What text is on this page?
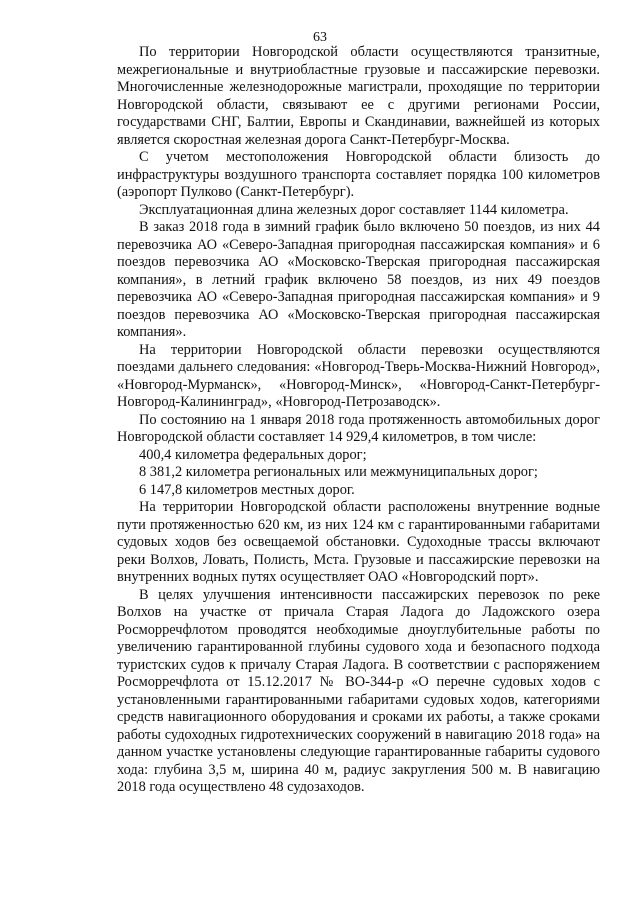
63

По территории Новгородской области осуществляются транзитные, межрегиональные и внутриобластные грузовые и пассажирские перевозки. Многочисленные железнодорожные магистрали, проходящие по территории Новгородской области, связывают ее с другими регионами России, государствами СНГ, Балтии, Европы и Скандинавии, важнейшей из которых является скоростная железная дорога Санкт-Петербург-Москва.

С учетом местоположения Новгородской области близость до инфраструктуры воздушного транспорта составляет порядка 100 километров (аэропорт Пулково (Санкт-Петербург).

Эксплуатационная длина железных дорог составляет 1144 километра.

В заказ 2018 года в зимний график было включено 50 поездов, из них 44 перевозчика АО «Северо-Западная пригородная пассажирская компания» и 6 поездов перевозчика АО «Московско-Тверская пригородная пассажирская компания», в летний график включено 58 поездов, из них 49 поездов перевозчика АО «Северо-Западная пригородная пассажирская компания» и 9 поездов перевозчика АО «Московско-Тверская пригородная пассажирская компания».

На территории Новгородской области перевозки осуществляются поездами дальнего следования: «Новгород-Тверь-Москва-Нижний Новгород», «Новгород-Мурманск», «Новгород-Минск», «Новгород-Санкт-Петербург-Новгород-Калининград», «Новгород-Петрозаводск».

По состоянию на 1 января 2018 года протяженность автомобильных дорог Новгородской области составляет 14 929,4 километров, в том числе:

400,4 километра федеральных дорог;

8 381,2 километра региональных или межмуниципальных дорог;

6 147,8 километров местных дорог.

На территории Новгородской области расположены внутренние водные пути протяженностью 620 км, из них 124 км с гарантированными габаритами судовых ходов без освещаемой обстановки. Судоходные трассы включают реки Волхов, Ловать, Полисть, Мста. Грузовые и пассажирские перевозки на внутренних водных путях осуществляет ОАО «Новгородский порт».

В целях улучшения интенсивности пассажирских перевозок по реке Волхов на участке от причала Старая Ладога до Ладожского озера Росморречфлотом проводятся необходимые дноуглубительные работы по увеличению гарантированной глубины судового хода и безопасного подхода туристских судов к причалу Старая Ладога. В соответствии с распоряжением Росморречфлота от 15.12.2017 № ВО-344-р «О перечне судовых ходов с установленными гарантированными габаритами судовых ходов, категориями средств навигационного оборудования и сроками их работы, а также сроками работы судоходных гидротехнических сооружений в навигацию 2018 года» на данном участке установлены следующие гарантированные габариты судового хода: глубина 3,5 м, ширина 40 м, радиус закругления 500 м. В навигацию 2018 года осуществлено 48 судозаходов.
